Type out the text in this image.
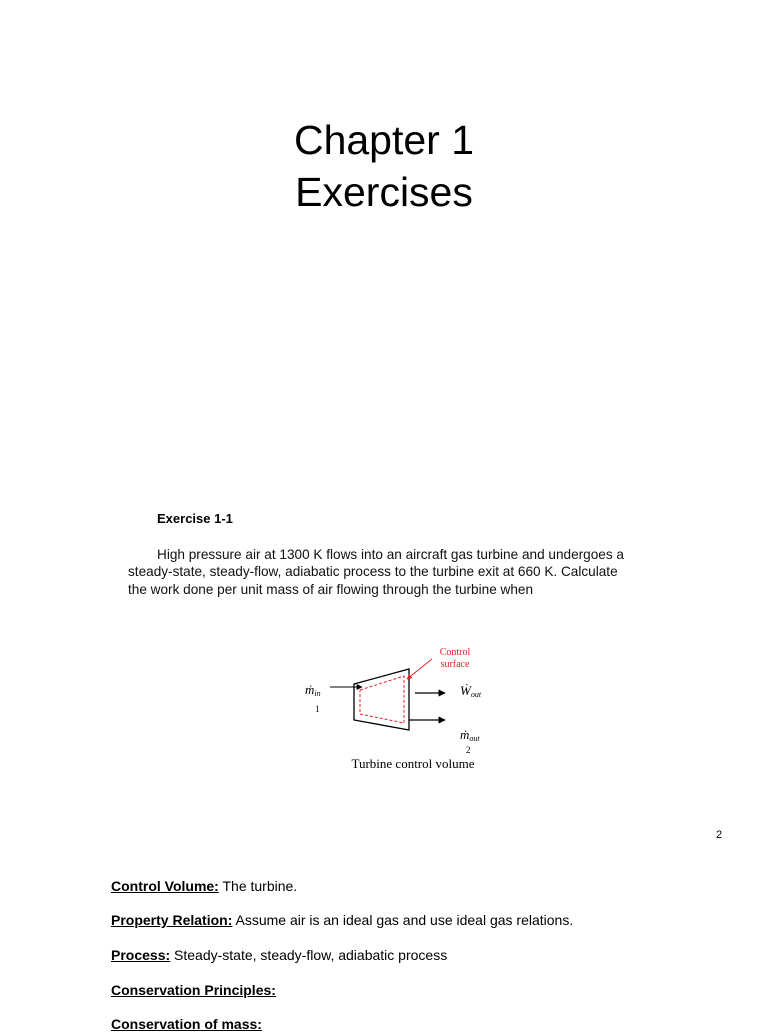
Chapter 1
Exercises
Exercise 1-1
High pressure air at 1300 K flows into an aircraft gas turbine and undergoes a
steady-state, steady-flow, adiabatic process to the turbine exit at 660 K. Calculate
the work done per unit mass of air flowing through the turbine when
Control
surface
ṁin
1
Ẇout
ṁout
2
Turbine control volume
2
Control Volume: The turbine.
Property Relation: Assume air is an ideal gas and use ideal gas relations.
Process: Steady-state, steady-flow, adiabatic process
Conservation Principles:
Conservation of mass:
